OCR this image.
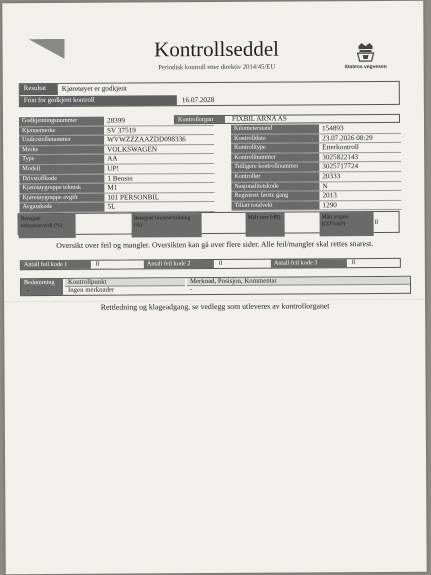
Kontrollseddel
Periodisk kontroll etter direktiv 2014/45/EU	Statens vegvesen
Resultat	Kjøretøyet er godkjent
Frist for godkjent kontroll	16.07.2028
Godkjenningsnummer	28399
Kjennemerke	SV 37519
Understellsnummer	WVWZZZAAZDD098336
Merke	VOLKSWAGEN
Type	AA
Modell	UP!
Drivstoffkode	1 Bensin
Kjøretøygruppe teknisk	M1
Kjøretøygruppe avgift	101 PERSONBIL
Avgasskode	5L
Kontrollorgan	FIXBIL ARNA AS
Kilometerstand	154893
Kontrolldato	23.07.2026 08:29
Kontrolltype	Etterkontroll
Kontrollnummer	3025822143
Tidligere kontrollnummer	3025717724
Kontrollør	20333
Nasjonalitetskode	N
Registrert første gang	2013
Tillatt totalvekt	1290
Beregnet referanseverdi (%)
Beregnet bremsevirkning (%)
Målt støy (dB)	Målt avgass (CO%/m³)	0
Oversikt over feil og mangler. Oversikten kan gå over flere sider. Alle feil/mangler skal rettes snarest.
Antall feil kode 1	0	Antall feil kode 2	0	Antall feil kode 3	0
Bedømming	Kontrollpunkt	Merknad, Posisjon, Kommentar
-	Ingen merknader	-
Rettledning og klageadgang, se vedlegg som utleveres av kontrollorganet
